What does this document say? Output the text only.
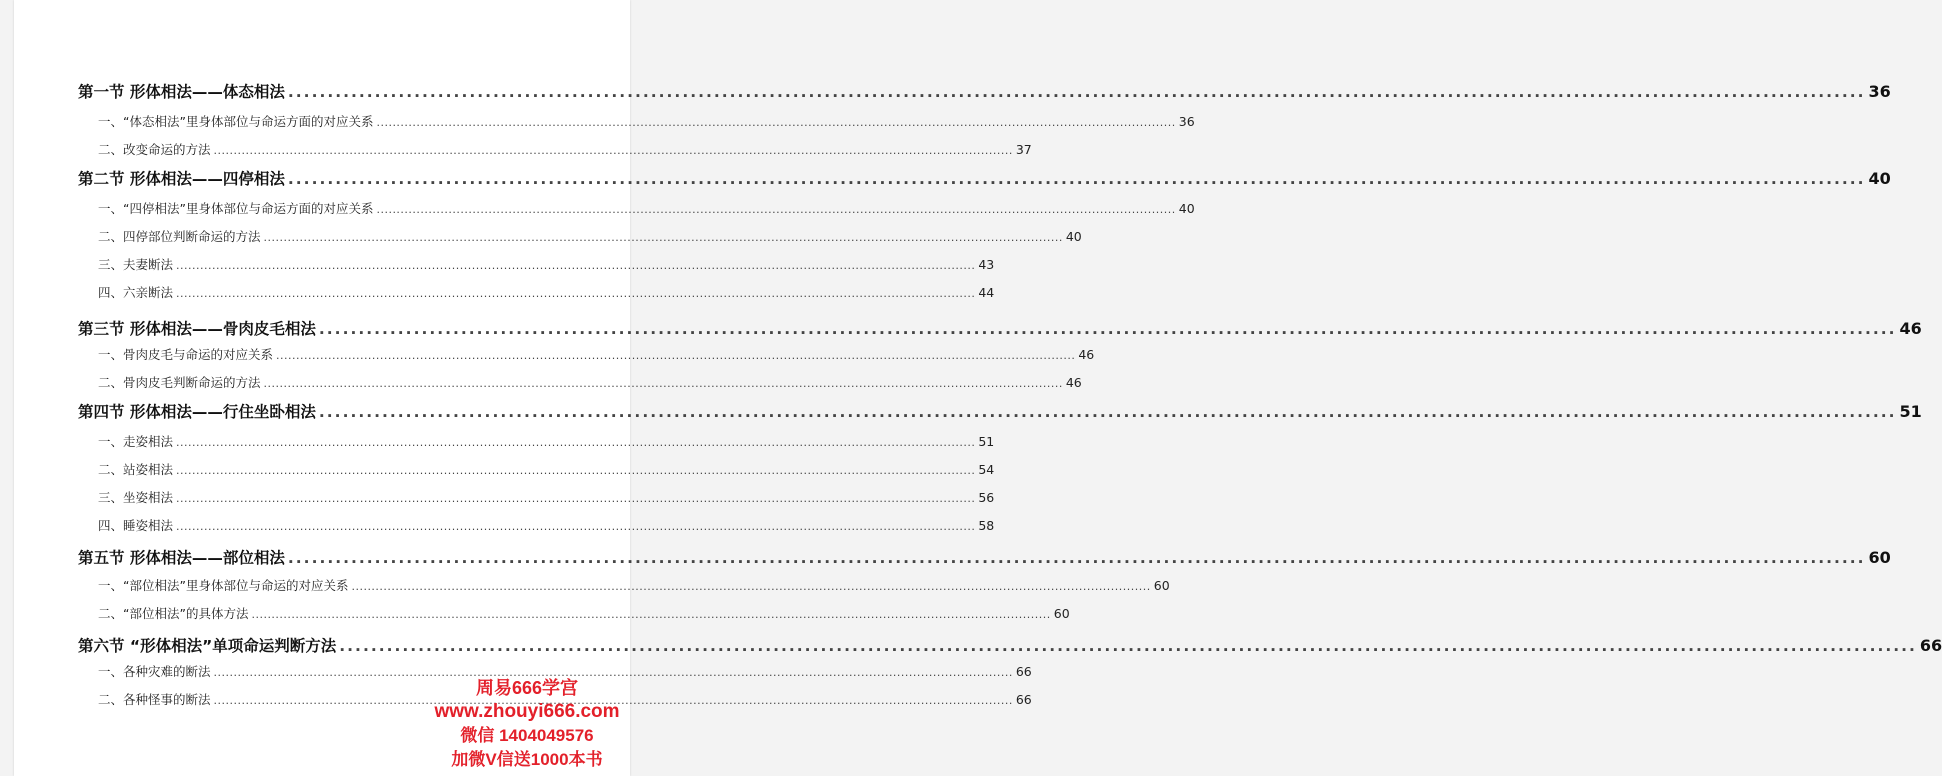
第一节 形体相法——体态相法 ........................................................................................................................................................................................................ 36
一、“体态相法”里身体部位与命运方面的对应关系 ........................................................................................................................................................................................................ 36
二、改变命运的方法 ........................................................................................................................................................................................................ 37
第二节 形体相法——四停相法 ........................................................................................................................................................................................................ 40
一、“四停相法”里身体部位与命运方面的对应关系 ........................................................................................................................................................................................................ 40
二、四停部位判断命运的方法 ........................................................................................................................................................................................................ 40
三、夫妻断法 ........................................................................................................................................................................................................ 43
四、六亲断法 ........................................................................................................................................................................................................ 44
第三节 形体相法——骨肉皮毛相法 ........................................................................................................................................................................................................ 46
一、骨肉皮毛与命运的对应关系 ........................................................................................................................................................................................................ 46
二、骨肉皮毛判断命运的方法 ........................................................................................................................................................................................................ 46
第四节 形体相法——行住坐卧相法 ........................................................................................................................................................................................................ 51
一、走姿相法 ........................................................................................................................................................................................................ 51
二、站姿相法 ........................................................................................................................................................................................................ 54
三、坐姿相法 ........................................................................................................................................................................................................ 56
四、睡姿相法 ........................................................................................................................................................................................................ 58
第五节 形体相法——部位相法 ........................................................................................................................................................................................................ 60
一、“部位相法”里身体部位与命运的对应关系 ........................................................................................................................................................................................................ 60
二、“部位相法”的具体方法 ........................................................................................................................................................................................................ 60
第六节 “形体相法”单项命运判断方法 ........................................................................................................................................................................................................ 66
一、各种灾难的断法 ........................................................................................................................................................................................................ 66
二、各种怪事的断法 ........................................................................................................................................................................................................ 66
周易666学宫
www.zhouyi666.com
微信 1404049576
加微V信送1000本书
